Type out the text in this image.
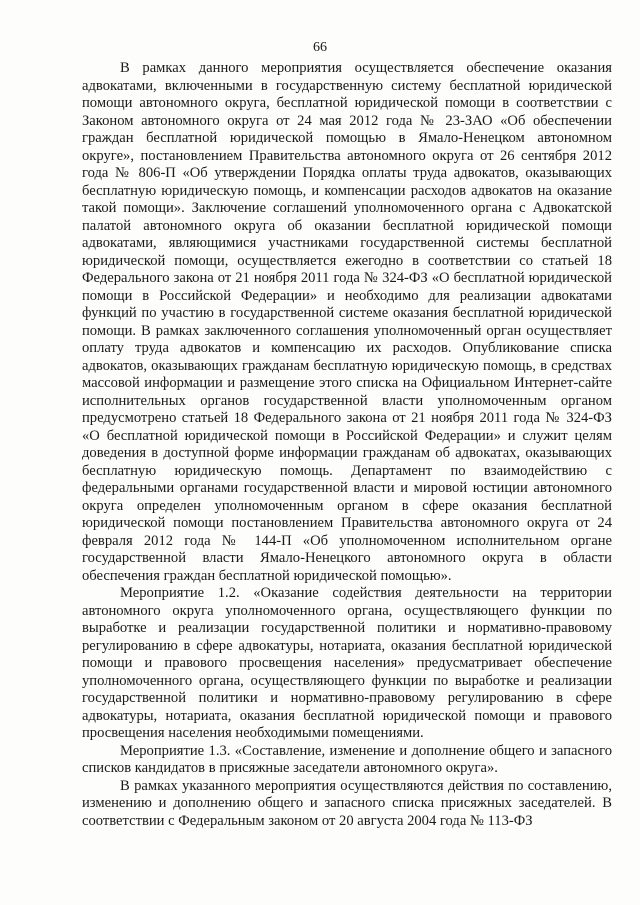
66

В рамках данного мероприятия осуществляется обеспечение оказания адвокатами, включенными в государственную систему бесплатной юридической помощи автономного округа, бесплатной юридической помощи в соответствии с Законом автономного округа от 24 мая 2012 года № 23-ЗАО «Об обеспечении граждан бесплатной юридической помощью в Ямало-Ненецком автономном округе», постановлением Правительства автономного округа от 26 сентября 2012 года № 806-П «Об утверждении Порядка оплаты труда адвокатов, оказывающих бесплатную юридическую помощь, и компенсации расходов адвокатов на оказание такой помощи». Заключение соглашений уполномоченного органа с Адвокатской палатой автономного округа об оказании бесплатной юридической помощи адвокатами, являющимися участниками государственной системы бесплатной юридической помощи, осуществляется ежегодно в соответствии со статьей 18 Федерального закона от 21 ноября 2011 года № 324-ФЗ «О бесплатной юридической помощи в Российской Федерации» и необходимо для реализации адвокатами функций по участию в государственной системе оказания бесплатной юридической помощи. В рамках заключенного соглашения уполномоченный орган осуществляет оплату труда адвокатов и компенсацию их расходов. Опубликование списка адвокатов, оказывающих гражданам бесплатную юридическую помощь, в средствах массовой информации и размещение этого списка на Официальном Интернет-сайте исполнительных органов государственной власти уполномоченным органом предусмотрено статьей 18 Федерального закона от 21 ноября 2011 года № 324-ФЗ «О бесплатной юридической помощи в Российской Федерации» и служит целям доведения в доступной форме информации гражданам об адвокатах, оказывающих бесплатную юридическую помощь. Департамент по взаимодействию с федеральными органами государственной власти и мировой юстиции автономного округа определен уполномоченным органом в сфере оказания бесплатной юридической помощи постановлением Правительства автономного округа от 24 февраля 2012 года № 144-П «Об уполномоченном исполнительном органе государственной власти Ямало-Ненецкого автономного округа в области обеспечения граждан бесплатной юридической помощью».

Мероприятие 1.2. «Оказание содействия деятельности на территории автономного округа уполномоченного органа, осуществляющего функции по выработке и реализации государственной политики и нормативно-правовому регулированию в сфере адвокатуры, нотариата, оказания бесплатной юридической помощи и правового просвещения населения» предусматривает обеспечение уполномоченного органа, осуществляющего функции по выработке и реализации государственной политики и нормативно-правовому регулированию в сфере адвокатуры, нотариата, оказания бесплатной юридической помощи и правового просвещения населения необходимыми помещениями.

Мероприятие 1.3. «Составление, изменение и дополнение общего и запасного списков кандидатов в присяжные заседатели автономного округа».

В рамках указанного мероприятия осуществляются действия по составлению, изменению и дополнению общего и запасного списка присяжных заседателей. В соответствии с Федеральным законом от 20 августа 2004 года № 113-ФЗ
